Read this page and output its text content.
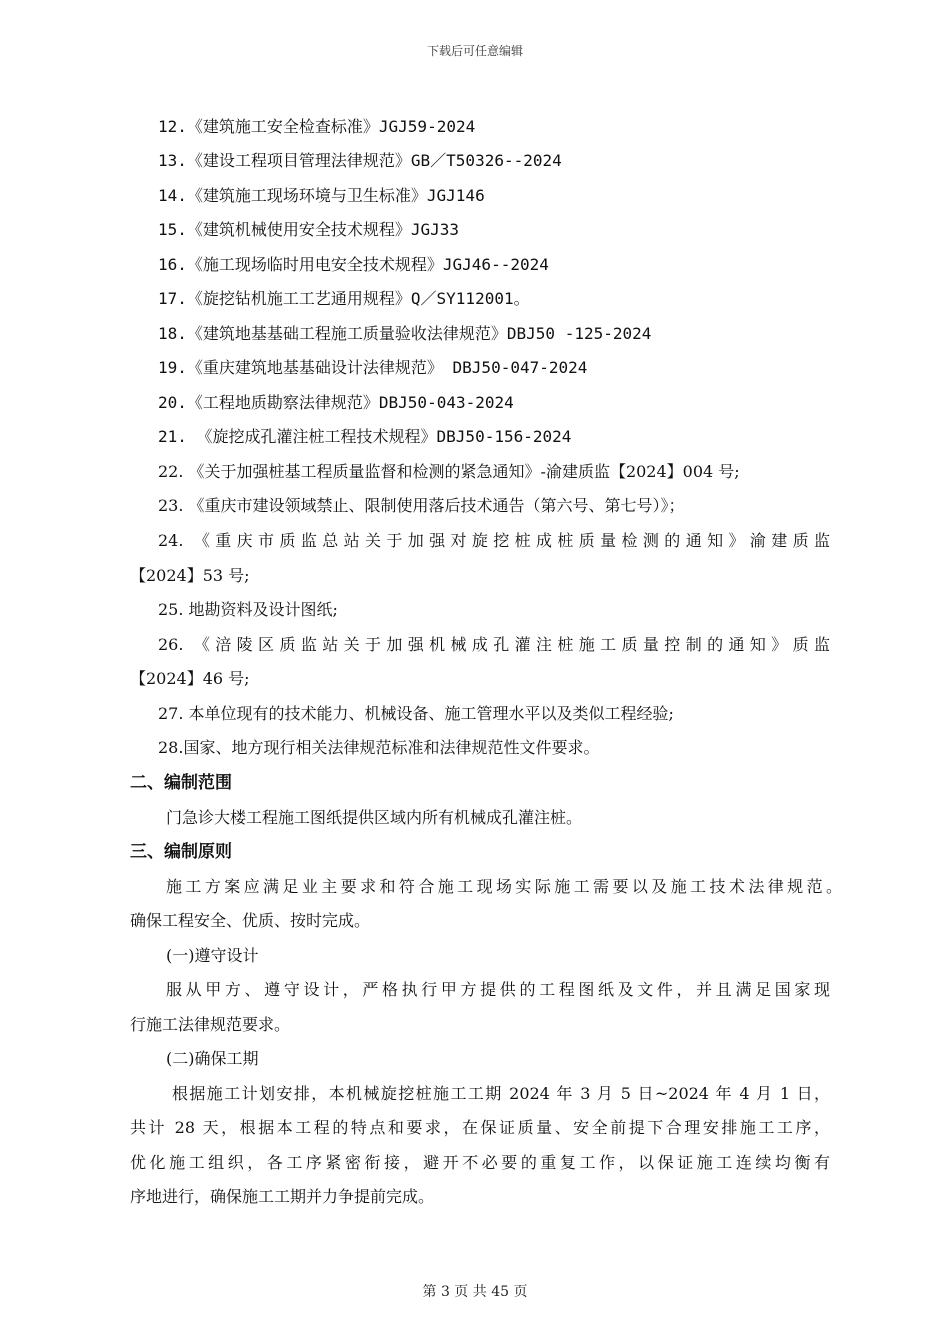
下载后可任意编辑
12.《建筑施工安全检查标准》JGJ59-2024
13.《建设工程项目管理法律规范》GB／T50326--2024
14.《建筑施工现场环境与卫生标准》JGJ146
15.《建筑机械使用安全技术规程》JGJ33
16.《施工现场临时用电安全技术规程》JGJ46--2024
17.《旋挖钻机施工工艺通用规程》Q／SY112001。
18.《建筑地基基础工程施工质量验收法律规范》DBJ50 -125-2024
19.《重庆建筑地基基础设计法律规范》 DBJ50-047-2024
20.《工程地质勘察法律规范》DBJ50-043-2024
21. 《旋挖成孔灌注桩工程技术规程》DBJ50-156-2024
22. 《关于加强桩基工程质量监督和检测的紧急通知》-渝建质监【2024】004 号;
23. 《重庆市建设领域禁止、限制使用落后技术通告（第六号、第七号）》；
24. 《重庆市质监总站关于加强对旋挖桩成桩质量检测的通知》渝建质监
【2024】53 号;
25. 地勘资料及设计图纸;
26. 《涪陵区质监站关于加强机械成孔灌注桩施工质量控制的通知》质监
【2024】46 号;
27. 本单位现有的技术能力、机械设备、施工管理水平以及类似工程经验;
28.国家、地方现行相关法律规范标准和法律规范性文件要求。
二、编制范围
门急诊大楼工程施工图纸提供区域内所有机械成孔灌注桩。
三、编制原则
施工方案应满足业主要求和符合施工现场实际施工需要以及施工技术法律规范。
确保工程安全、优质、按时完成。
(一)遵守设计
服从甲方、遵守设计，严格执行甲方提供的工程图纸及文件，并且满足国家现
行施工法律规范要求。
(二)确保工期
根据施工计划安排，本机械旋挖桩施工工期 2024 年 3 月 5 日~2024 年 4 月 1 日，
共计 28 天，根据本工程的特点和要求，在保证质量、安全前提下合理安排施工工序，
优化施工组织，各工序紧密衔接，避开不必要的重复工作，以保证施工连续均衡有
序地进行，确保施工工期并力争提前完成。
第 3 页 共 45 页
